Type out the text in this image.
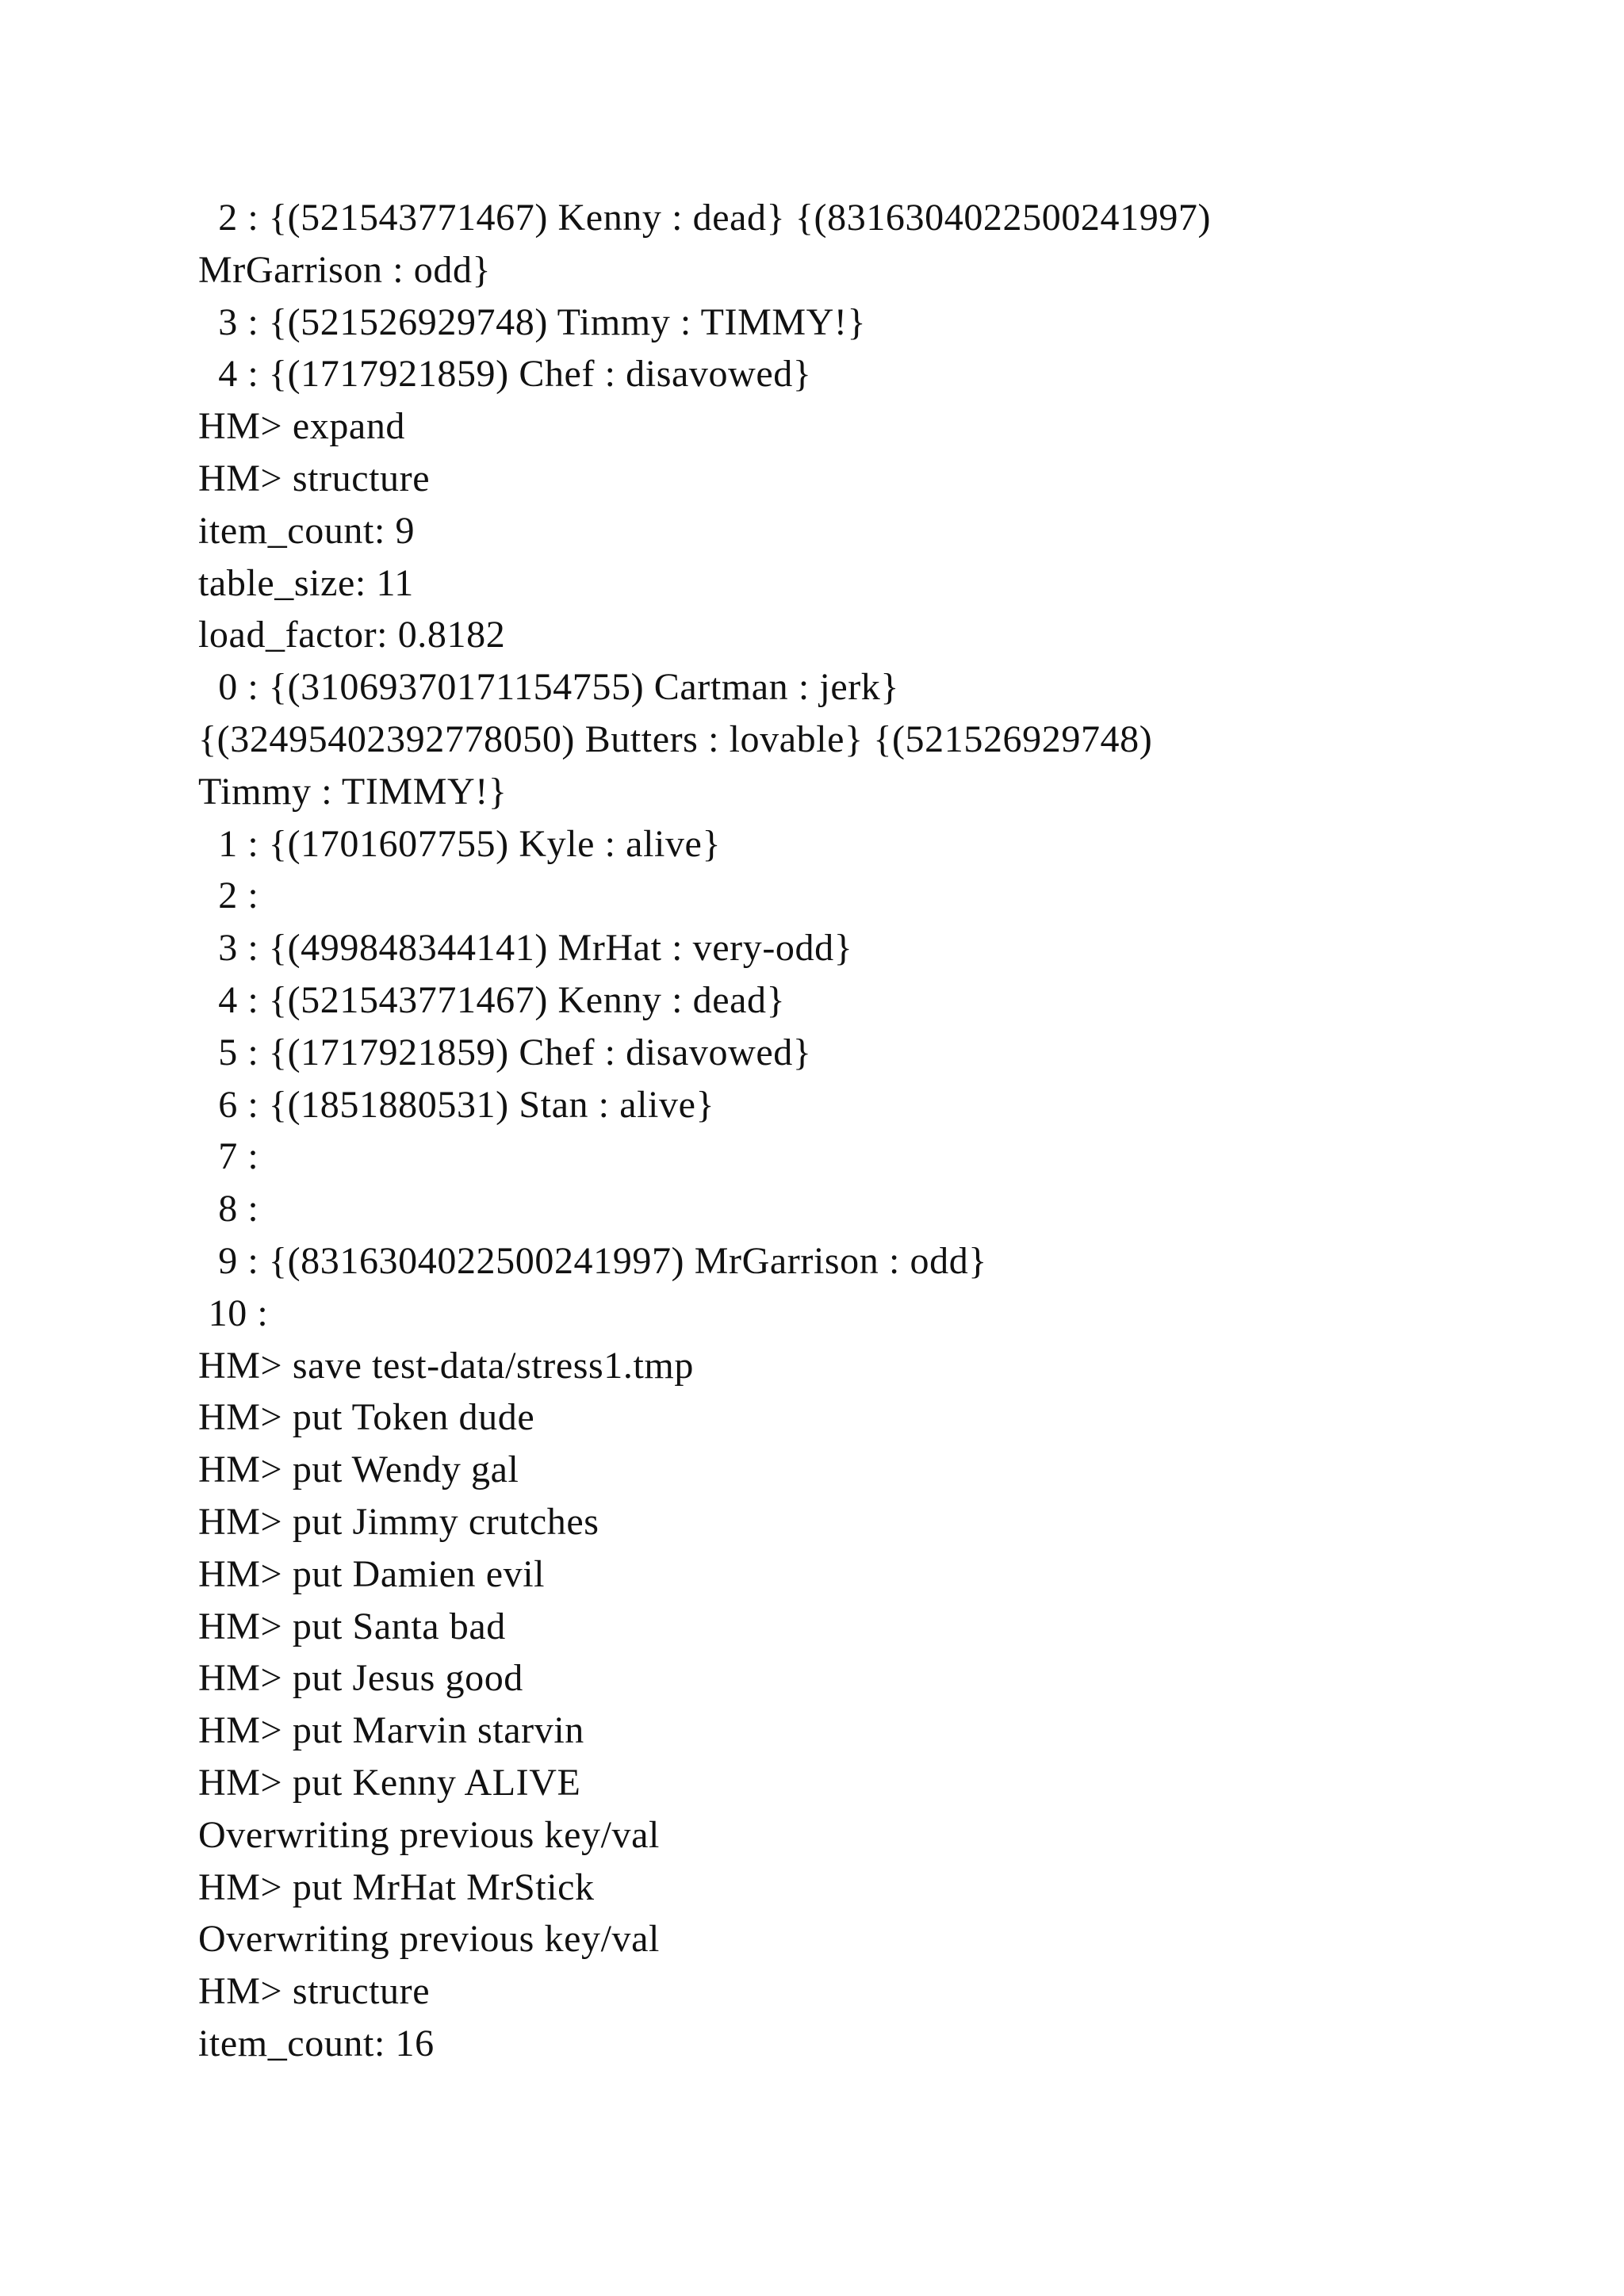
2 : {(521543771467) Kenny : dead} {(8316304022500241997)
MrGarrison : odd}
3 : {(521526929748) Timmy : TIMMY!}
4 : {(1717921859) Chef : disavowed}
HM> expand
HM> structure
item_count: 9
table_size: 11
load_factor: 0.8182
0 : {(3106937017115475​5) Cartman : jerk}
{(32495402392778050) Butters : lovable} {(521526929748)
Timmy : TIMMY!}
1 : {(1701607755) Kyle : alive}
2 :
3 : {(499848344141) MrHat : very-odd}
4 : {(521543771467) Kenny : dead}
5 : {(1717921859) Chef : disavowed}
6 : {(1851880531) Stan : alive}
7 :
8 :
9 : {(8316304022500241997) MrGarrison : odd}
10 :
HM> save test-data/stress1.tmp
HM> put Token dude
HM> put Wendy gal
HM> put Jimmy crutches
HM> put Damien evil
HM> put Santa bad
HM> put Jesus good
HM> put Marvin starvin
HM> put Kenny ALIVE
Overwriting previous key/val
HM> put MrHat MrStick
Overwriting previous key/val
HM> structure
item_count: 16
